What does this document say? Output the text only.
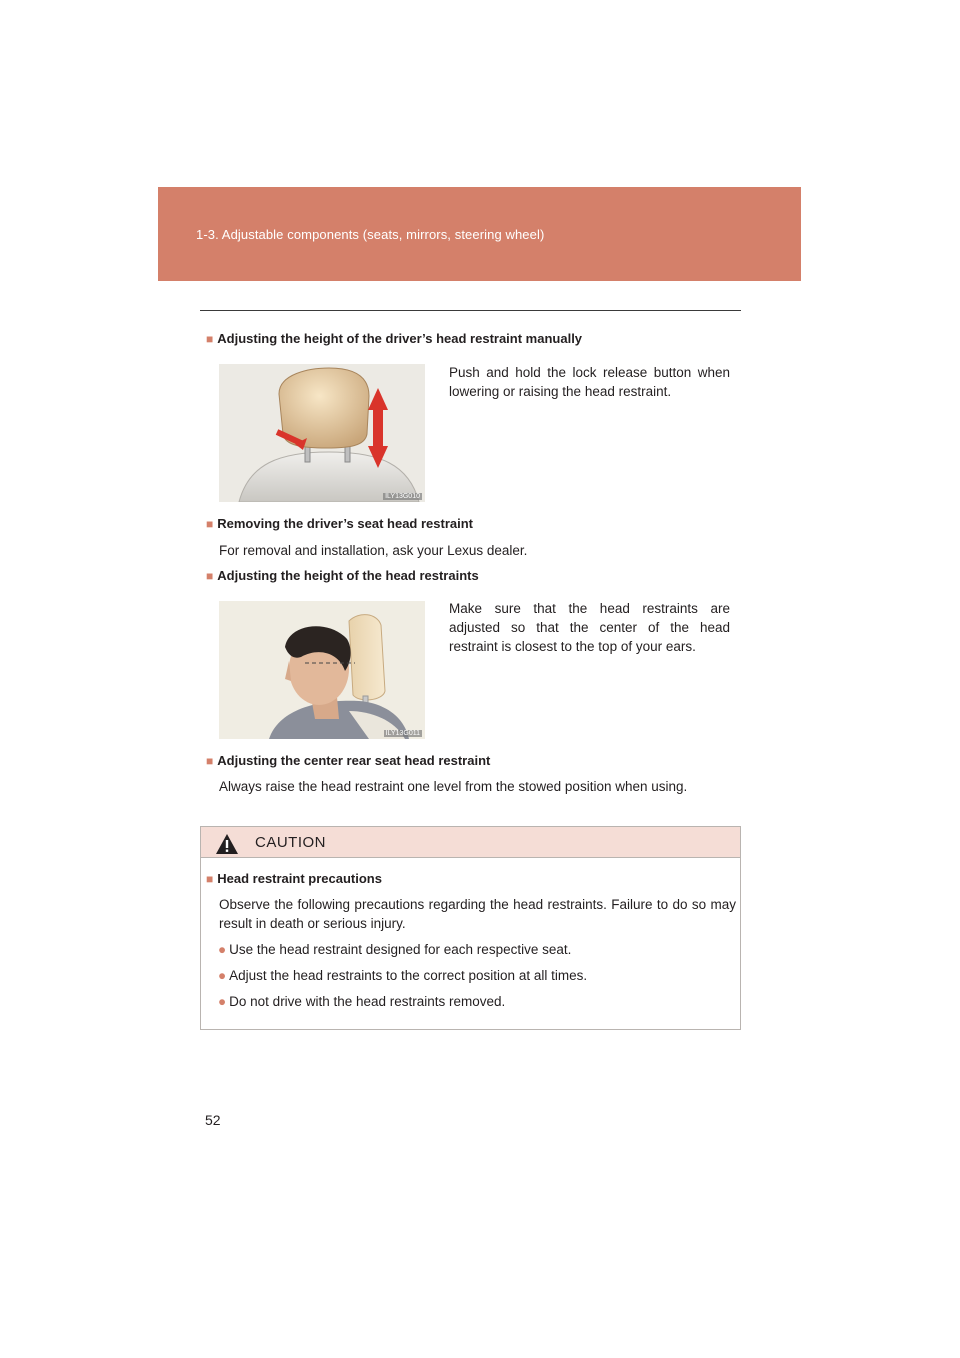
1-3. Adjustable components (seats, mirrors, steering wheel)
■ Adjusting the height of the driver’s head restraint manually
ILY13G010
Push and hold the lock release button when lowering or raising the head restraint.
■ Removing the driver’s seat head restraint
For removal and installation, ask your Lexus dealer.
■ Adjusting the height of the head restraints
ILY13G011
Make sure that the head restraints are adjusted so that the center of the head restraint is closest to the top of your ears.
■ Adjusting the center rear seat head restraint
Always raise the head restraint one level from the stowed position when using.
CAUTION
■ Head restraint precautions
Observe the following precautions regarding the head restraints. Failure to do so may result in death or serious injury.
● Use the head restraint designed for each respective seat.
● Adjust the head restraints to the correct position at all times.
● Do not drive with the head restraints removed.
52
